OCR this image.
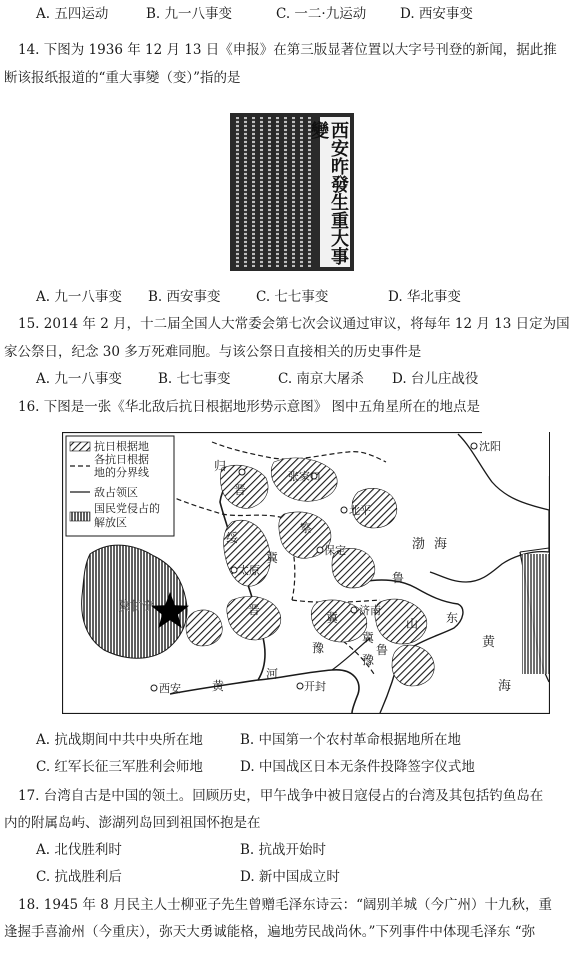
A. 五四运动	B. 九一八事变	C. 一二·九运动	D. 西安事变
14. 下图为 1936 年 12 月 13 日《申报》在第三版显著位置以大字号刊登的新闻，据此推
断该报纸报道的“重大事變（变）”指的是
西安昨發生重大事變
A. 九一八事变 B. 西安事变	C. 七七事变	D. 华北事变
15. 2014 年 2 月，十二届全国人大常委会第七次会议通过审议，将每年 12 月 13 日定为国
家公祭日，纪念 30 多万死难同胞。与该公祭日直接相关的历史事件是
A. 九一八事变	B. 七七事变	C. 南京大屠杀 D. 台儿庄战役
16. 下图是一张《华北敌后抗日根据地形势示意图》 图中五角星所在的地点是
抗日根据地
各抗日根据
地的分界线
敌占领区
国民党侵占的
解放区
沈阳
张家口
北平
保定
太原
济南
西安	开封
归
陕甘宁
渤 海
黄
海
黄
河
晋
绥
察
冀
鲁
山 东
晋
冀
豫
豫
冀
鲁
A. 抗战期间中共中央所在地	B. 中国第一个农村革命根据地所在地
C. 红军长征三军胜利会师地	D. 中国战区日本无条件投降签字仪式地
17. 台湾自古是中国的领土。回顾历史，甲午战争中被日寇侵占的台湾及其包括钓鱼岛在
内的附属岛屿、澎湖列岛回到祖国怀抱是在
A. 北伐胜利时	B. 抗战开始时
C. 抗战胜利后	D. 新中国成立时
18. 1945 年 8 月民主人士柳亚子先生曾赠毛泽东诗云：“阔别羊城（今广州）十九秋，重
逢握手喜渝州（今重庆），弥天大勇诚能格，遍地劳民战尚休。”下列事件中体现毛泽东 “弥
